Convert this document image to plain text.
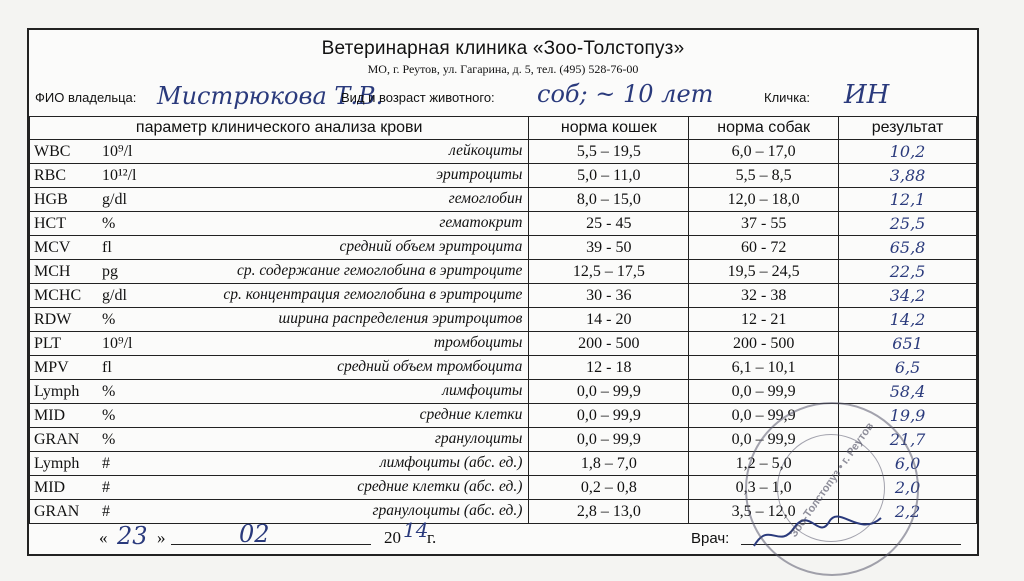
Ветеринарная клиника «Зоо-Толстопуз»
МО, г. Реутов, ул. Гагарина, д. 5, тел. (495) 528-76-00
ФИО владельца: Мистрюкова Т.В.
Вид и возраст животного: соб; ~ 10 лет	Кличка: ИН
параметр клинического анализа крови	норма кошек	норма собак	результат
WBC 10⁹/l лейкоциты	5,5 – 19,5	6,0 – 17,0	10,2
RBC 10¹²/l эритроциты	5,0 – 11,0	5,5 – 8,5	3,88
HGB g/dl гемоглобин	8,0 – 15,0	12,0 – 18,0	12,1
HCT % гематокрит	25 - 45	37 - 55	25,5
MCV fl средний объем эритроцита	39 - 50	60 - 72	65,8
MCH pg ср. содержание гемоглобина в эритроците	12,5 – 17,5	19,5 – 24,5	22,5
MCHC g/dl ср. концентрация гемоглобина в эритроците	30 - 36	32 - 38	34,2
RDW % ширина распределения эритроцитов	14 - 20	12 - 21	14,2
PLT 10⁹/l тромбоциты	200 - 500	200 - 500	651
MPV fl средний объем тромбоцита	12 - 18	6,1 – 10,1	6,5
Lymph % лимфоциты	0,0 – 99,9	0,0 – 99,9	58,4
MID % средние клетки	0,0 – 99,9	0,0 – 99,9	19,9
GRAN % гранулоциты	0,0 – 99,9	0,0 – 99,9	21,7
Lymph # лимфоциты (абс. ед.)	1,8 – 7,0	1,2 – 5,0	6,0
MID # средние клетки (абс. ед.)	0,2 – 0,8	0,3 – 1,0	2,0
GRAN # гранулоциты (абс. ед.)	2,8 – 13,0	3,5 – 12,0	2,2
« 23 »	02	20 14
г.	Врач:	Зоо-Толстопуз • г. Реутов
